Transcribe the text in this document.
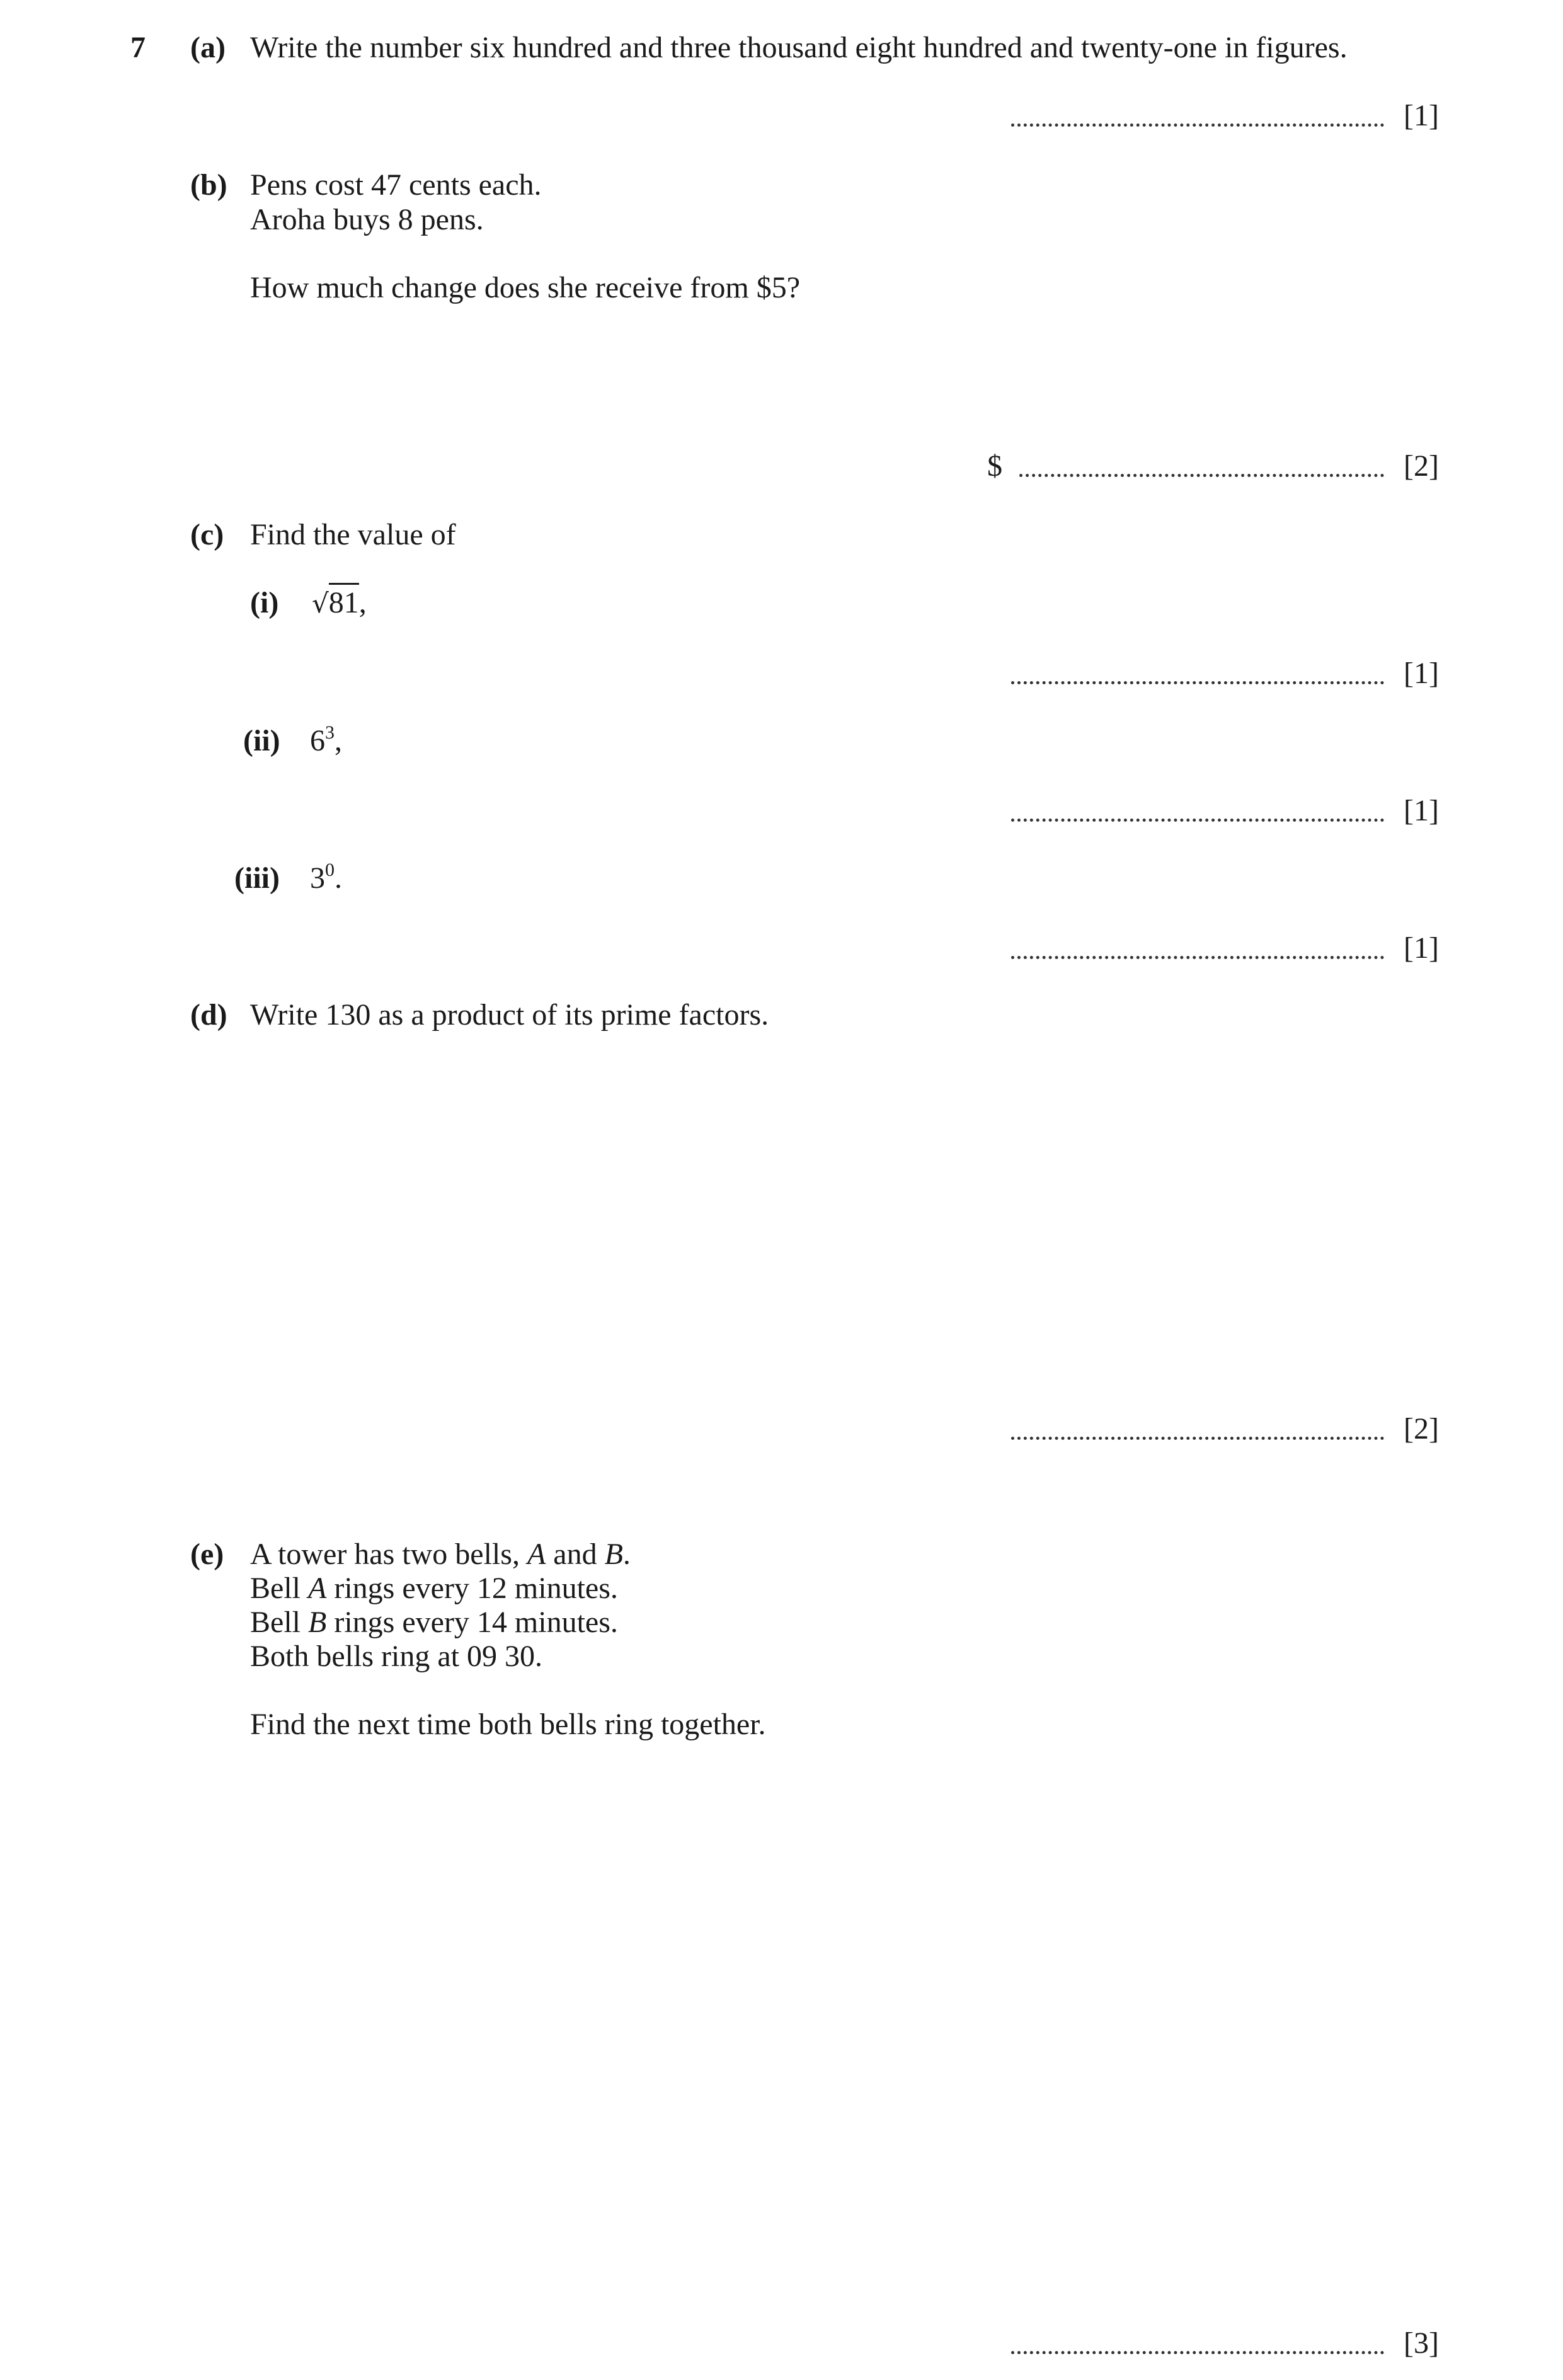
7 (a) Write the number six hundred and three thousand eight hundred and twenty-one in figures.
[1]
(b) Pens cost 47 cents each.
Aroha buys 8 pens.
How much change does she receive from $5?
$	[2]
(c) Find the value of
(i) √81,
[1]
(ii) $6^3$,
[1]
(iii) $3^0$.
[1]
(d) Write 130 as a product of its prime factors.
[2]
(e) A tower has two bells, A and B.
Bell A rings every 12 minutes.
Bell B rings every 14 minutes.
Both bells ring at 09 30.
Find the next time both bells ring together.
[3]
